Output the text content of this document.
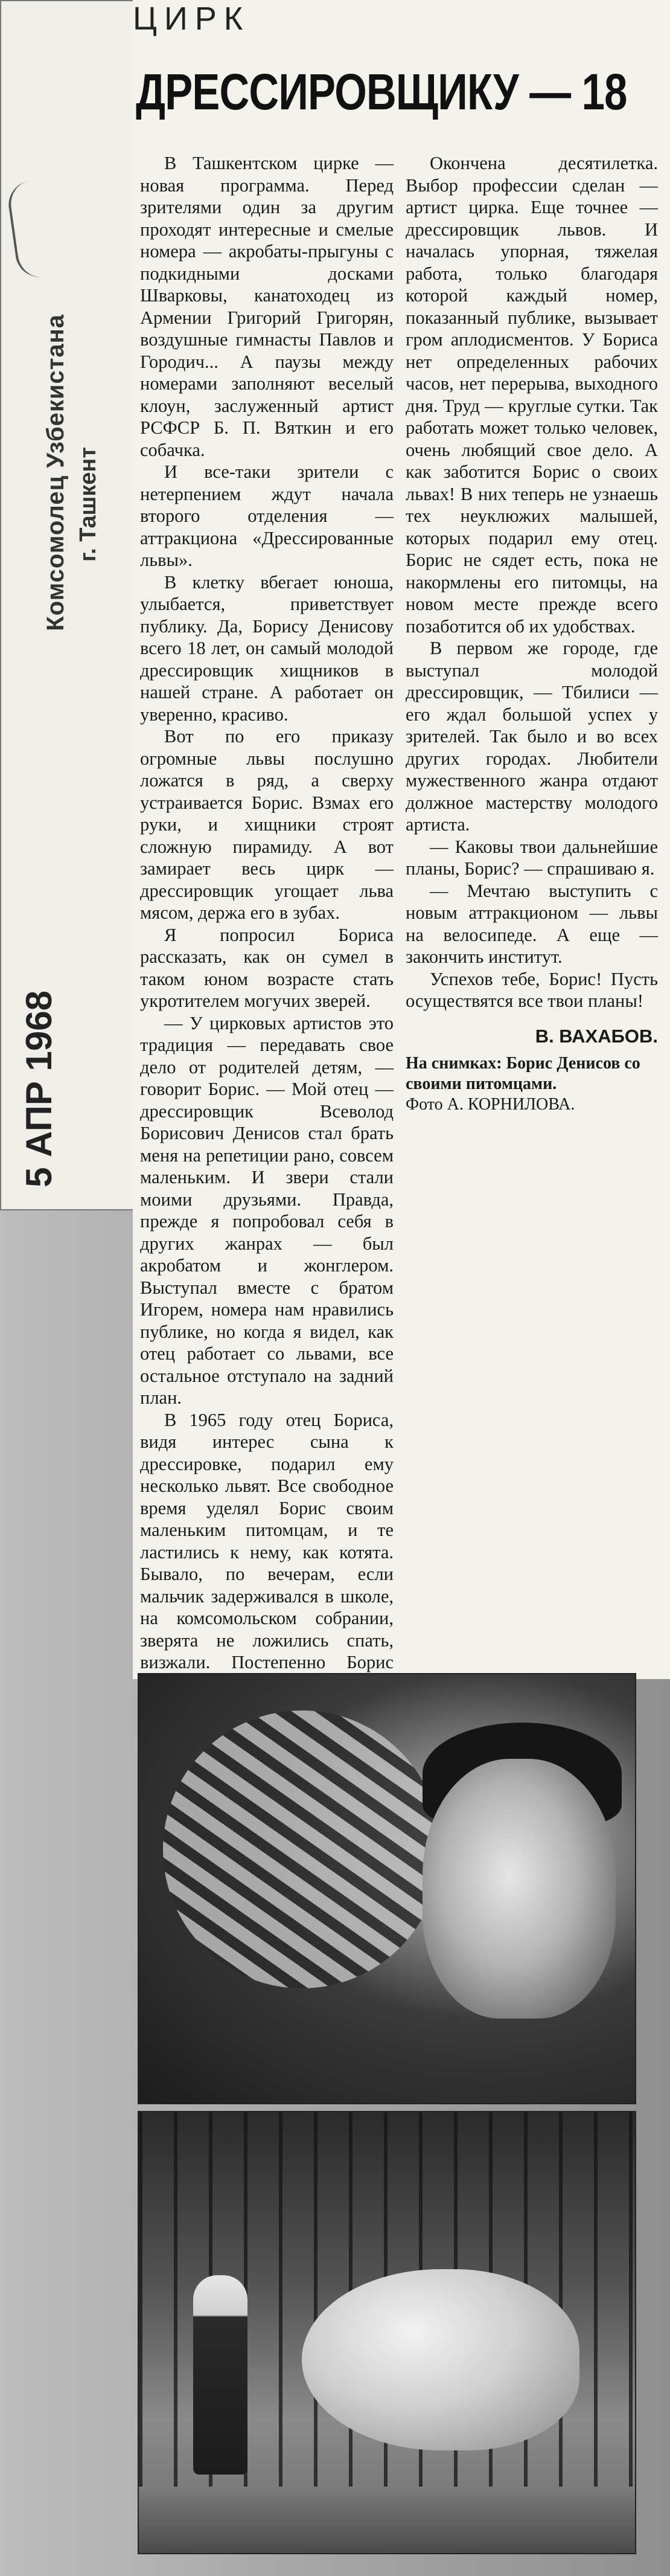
Комсомолец Узбекистана г. Ташкент
5 АПР 1968
ЦИРК
ДРЕССИРОВЩИКУ — 18

В Ташкентском цирке — новая программа. Перед зрителями один за другим проходят интересные и смелые номера — акробаты-прыгуны с подкидными досками Шварковы, канатоходец из Армении Григорий Григорян, воздушные гимнасты Павлов и Городич... А паузы между номерами заполняют веселый клоун, заслуженный артист РСФСР Б. П. Вяткин и его собачка.

И все-таки зрители с нетерпением ждут начала второго отделения — аттракциона «Дрессированные львы».

В клетку вбегает юноша, улыбается, приветствует публику. Да, Борису Денисову всего 18 лет, он самый молодой дрессировщик хищников в нашей стране. А работает он уверенно, красиво.

Вот по его приказу огромные львы послушно ложатся в ряд, а сверху устраивается Борис. Взмах его руки, и хищники строят сложную пирамиду. А вот замирает весь цирк — дрессировщик угощает льва мясом, держа его в зубах.

Я попросил Бориса рассказать, как он сумел в таком юном возрасте стать укротителем могучих зверей.

— У цирковых артистов это традиция — передавать свое дело от родителей детям, — говорит Борис. — Мой отец — дрессировщик Всеволод Борисович Денисов стал брать меня на репетиции рано, совсем маленьким. И звери стали моими друзьями. Правда, прежде я попробовал себя в других жанрах — был акробатом и жонглером. Выступал вместе с братом Игорем, номера нам нравились публике, но когда я видел, как отец работает со львами, все остальное отступало на задний план.

В 1965 году отец Бориса, видя интерес сына к дрессировке, подарил ему несколько львят. Все свободное время уделял Борис своим маленьким питомцам, и те ластились к нему, как котята. Бывало, по вечерам, если мальчик задерживался в школе, на комсомольском собрании, зверята не ложились спать, визжали. Постепенно Борис

Окончена десятилетка. Выбор профессии сделан — артист цирка. Еще точнее — дрессировщик львов. И началась упорная, тяжелая работа, только благодаря которой каждый номер, показанный публике, вызывает гром аплодисментов. У Бориса нет определенных рабочих часов, нет перерыва, выходного дня. Труд — круглые сутки. Так работать может только человек, очень любящий свое дело. А как заботится Борис о своих львах! В них теперь не узнаешь тех неуклюжих малышей, которых подарил ему отец. Борис не сядет есть, пока не накормлены его питомцы, на новом месте прежде всего позаботится об их удобствах.

В первом же городе, где выступал молодой дрессировщик, — Тбилиси — его ждал большой успех у зрителей. Так было и во всех других городах. Любители мужественного жанра отдают должное мастерству молодого артиста.

— Каковы твои дальнейшие планы, Борис? — спрашиваю я.

— Мечтаю выступить с новым аттракционом — львы на велосипеде. А еще — закончить институт.

Успехов тебе, Борис! Пусть осуществятся все твои планы!

В. ВАХАБОВ.
На снимках: Борис Денисов со своими питомцами.
Фото А. КОРНИЛОВА.
